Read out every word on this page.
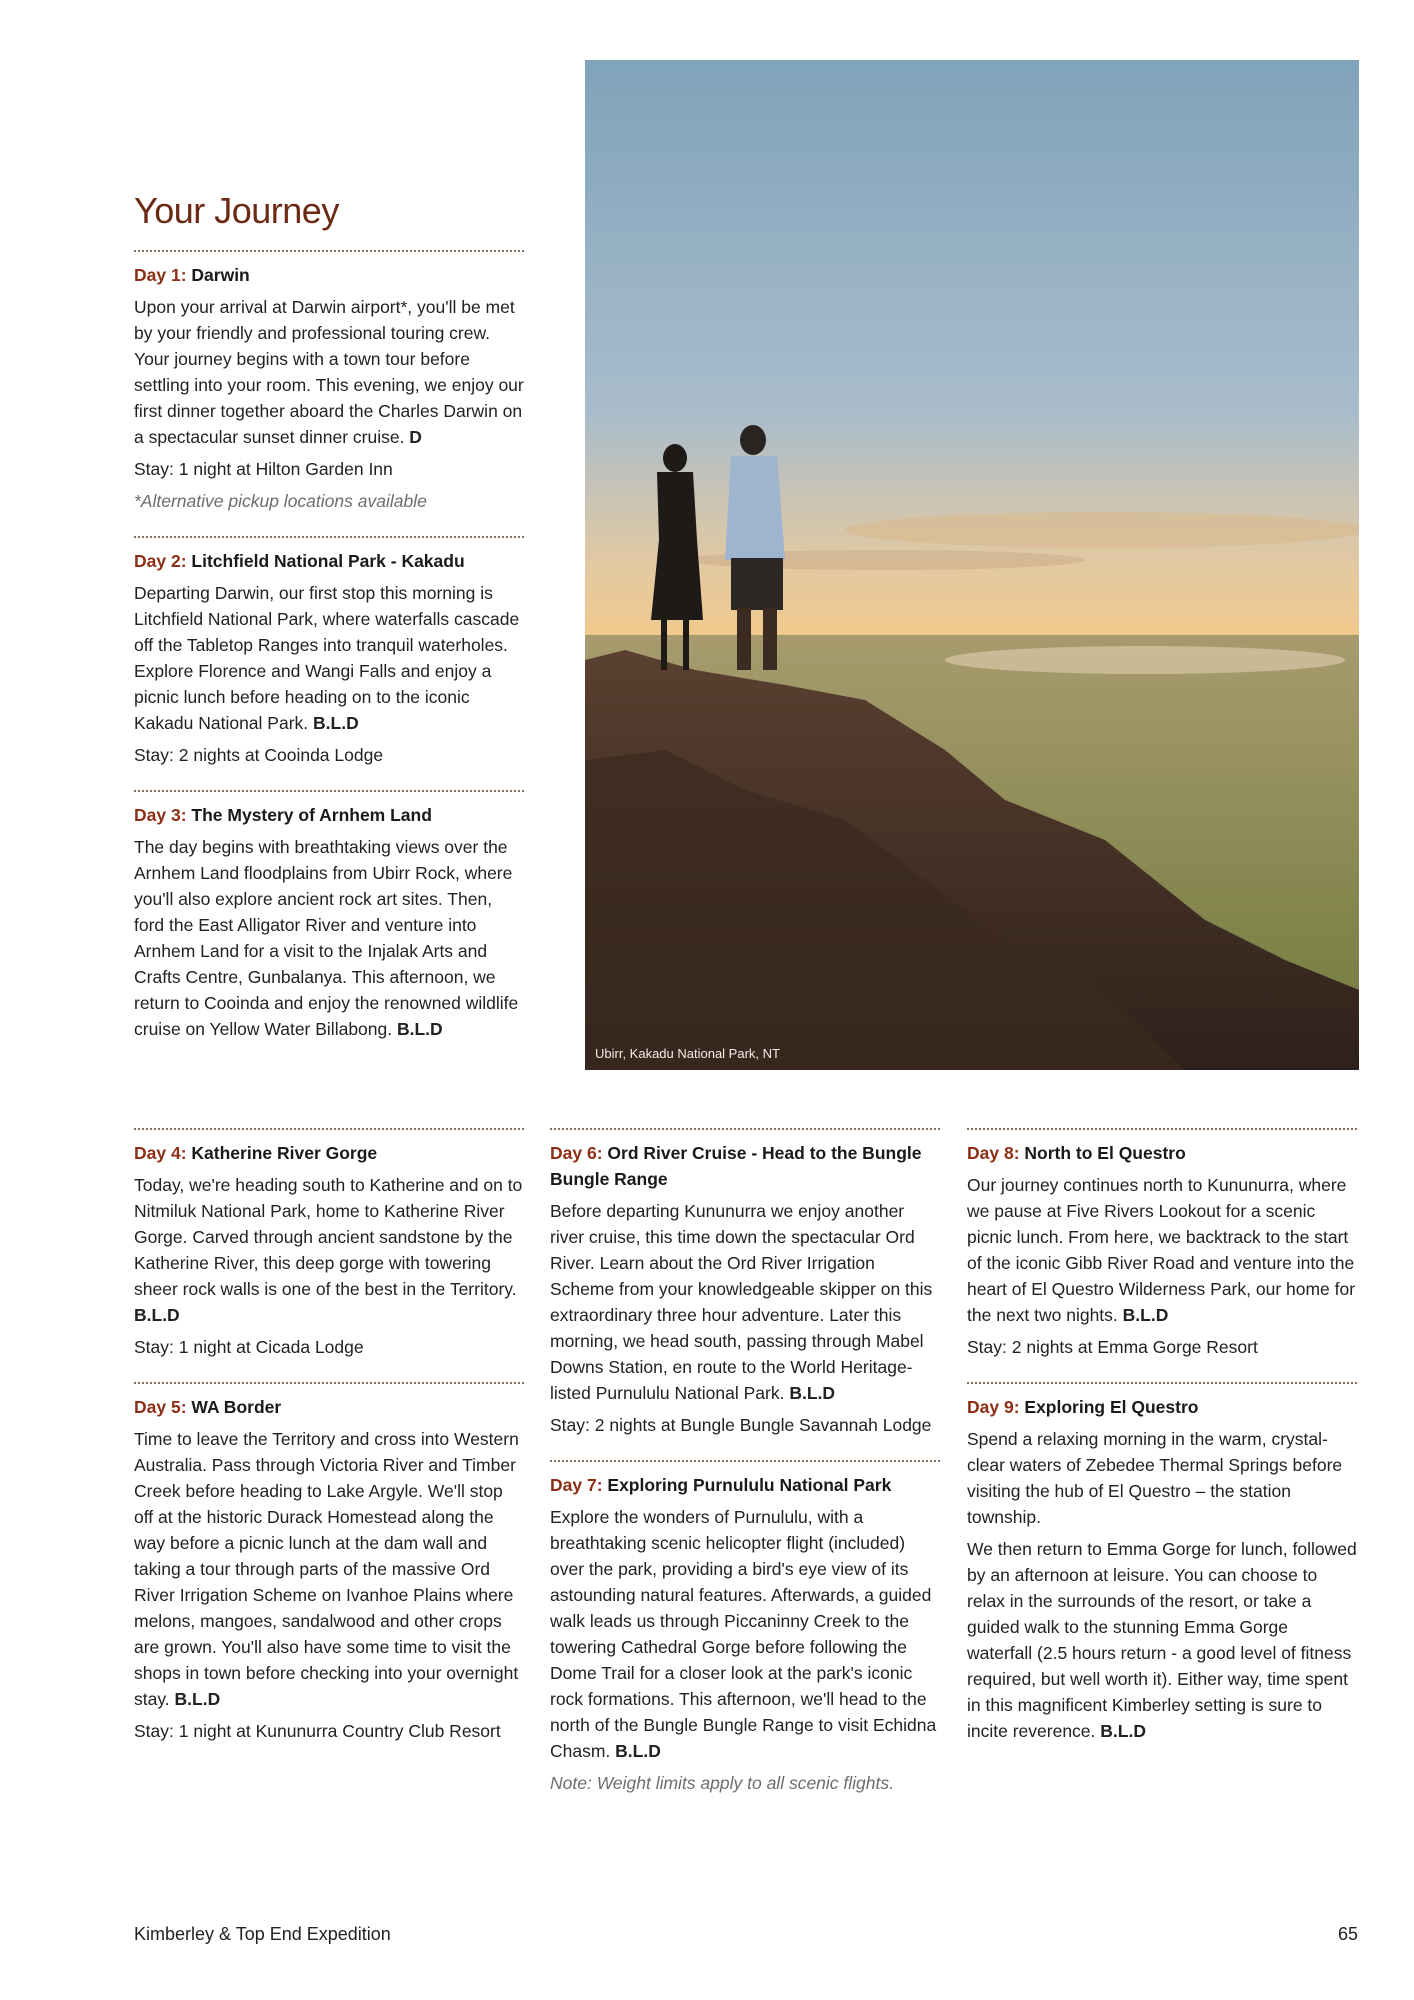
Your Journey

Day 1: Darwin

Upon your arrival at Darwin airport*, you'll be met by your friendly and professional touring crew. Your journey begins with a town tour before settling into your room. This evening, we enjoy our first dinner together aboard the Charles Darwin on a spectacular sunset dinner cruise. D

Stay: 1 night at Hilton Garden Inn

*Alternative pickup locations available

Day 2: Litchfield National Park - Kakadu

Departing Darwin, our first stop this morning is Litchfield National Park, where waterfalls cascade off the Tabletop Ranges into tranquil waterholes. Explore Florence and Wangi Falls and enjoy a picnic lunch before heading on to the iconic Kakadu National Park. B.L.D

Stay: 2 nights at Cooinda Lodge

Day 3: The Mystery of Arnhem Land

The day begins with breathtaking views over the Arnhem Land floodplains from Ubirr Rock, where you'll also explore ancient rock art sites. Then, ford the East Alligator River and venture into Arnhem Land for a visit to the Injalak Arts and Crafts Centre, Gunbalanya. This afternoon, we return to Cooinda and enjoy the renowned wildlife cruise on Yellow Water Billabong. B.L.D

Ubirr, Kakadu National Park, NT

Day 4: Katherine River Gorge

Today, we're heading south to Katherine and on to Nitmiluk National Park, home to Katherine River Gorge. Carved through ancient sandstone by the Katherine River, this deep gorge with towering sheer rock walls is one of the best in the Territory. B.L.D

Stay: 1 night at Cicada Lodge

Day 5: WA Border

Time to leave the Territory and cross into Western Australia. Pass through Victoria River and Timber Creek before heading to Lake Argyle. We'll stop off at the historic Durack Homestead along the way before a picnic lunch at the dam wall and taking a tour through parts of the massive Ord River Irrigation Scheme on Ivanhoe Plains where melons, mangoes, sandalwood and other crops are grown. You'll also have some time to visit the shops in town before checking into your overnight stay. B.L.D

Stay: 1 night at Kununurra Country Club Resort

Day 6: Ord River Cruise - Head to the Bungle Bungle Range

Before departing Kununurra we enjoy another river cruise, this time down the spectacular Ord River. Learn about the Ord River Irrigation Scheme from your knowledgeable skipper on this extraordinary three hour adventure. Later this morning, we head south, passing through Mabel Downs Station, en route to the World Heritage-listed Purnululu National Park. B.L.D

Stay: 2 nights at Bungle Bungle Savannah Lodge

Day 7: Exploring Purnululu National Park

Explore the wonders of Purnululu, with a breathtaking scenic helicopter flight (included) over the park, providing a bird's eye view of its astounding natural features. Afterwards, a guided walk leads us through Piccaninny Creek to the towering Cathedral Gorge before following the Dome Trail for a closer look at the park's iconic rock formations. This afternoon, we'll head to the north of the Bungle Bungle Range to visit Echidna Chasm. B.L.D

Note: Weight limits apply to all scenic flights.

Day 8: North to El Questro

Our journey continues north to Kununurra, where we pause at Five Rivers Lookout for a scenic picnic lunch. From here, we backtrack to the start of the iconic Gibb River Road and venture into the heart of El Questro Wilderness Park, our home for the next two nights. B.L.D

Stay: 2 nights at Emma Gorge Resort

Day 9: Exploring El Questro

Spend a relaxing morning in the warm, crystal-clear waters of Zebedee Thermal Springs before visiting the hub of El Questro – the station township.

We then return to Emma Gorge for lunch, followed by an afternoon at leisure. You can choose to relax in the surrounds of the resort, or take a guided walk to the stunning Emma Gorge waterfall (2.5 hours return - a good level of fitness required, but well worth it). Either way, time spent in this magnificent Kimberley setting is sure to incite reverence. B.L.D

Kimberley & Top End Expedition	65
